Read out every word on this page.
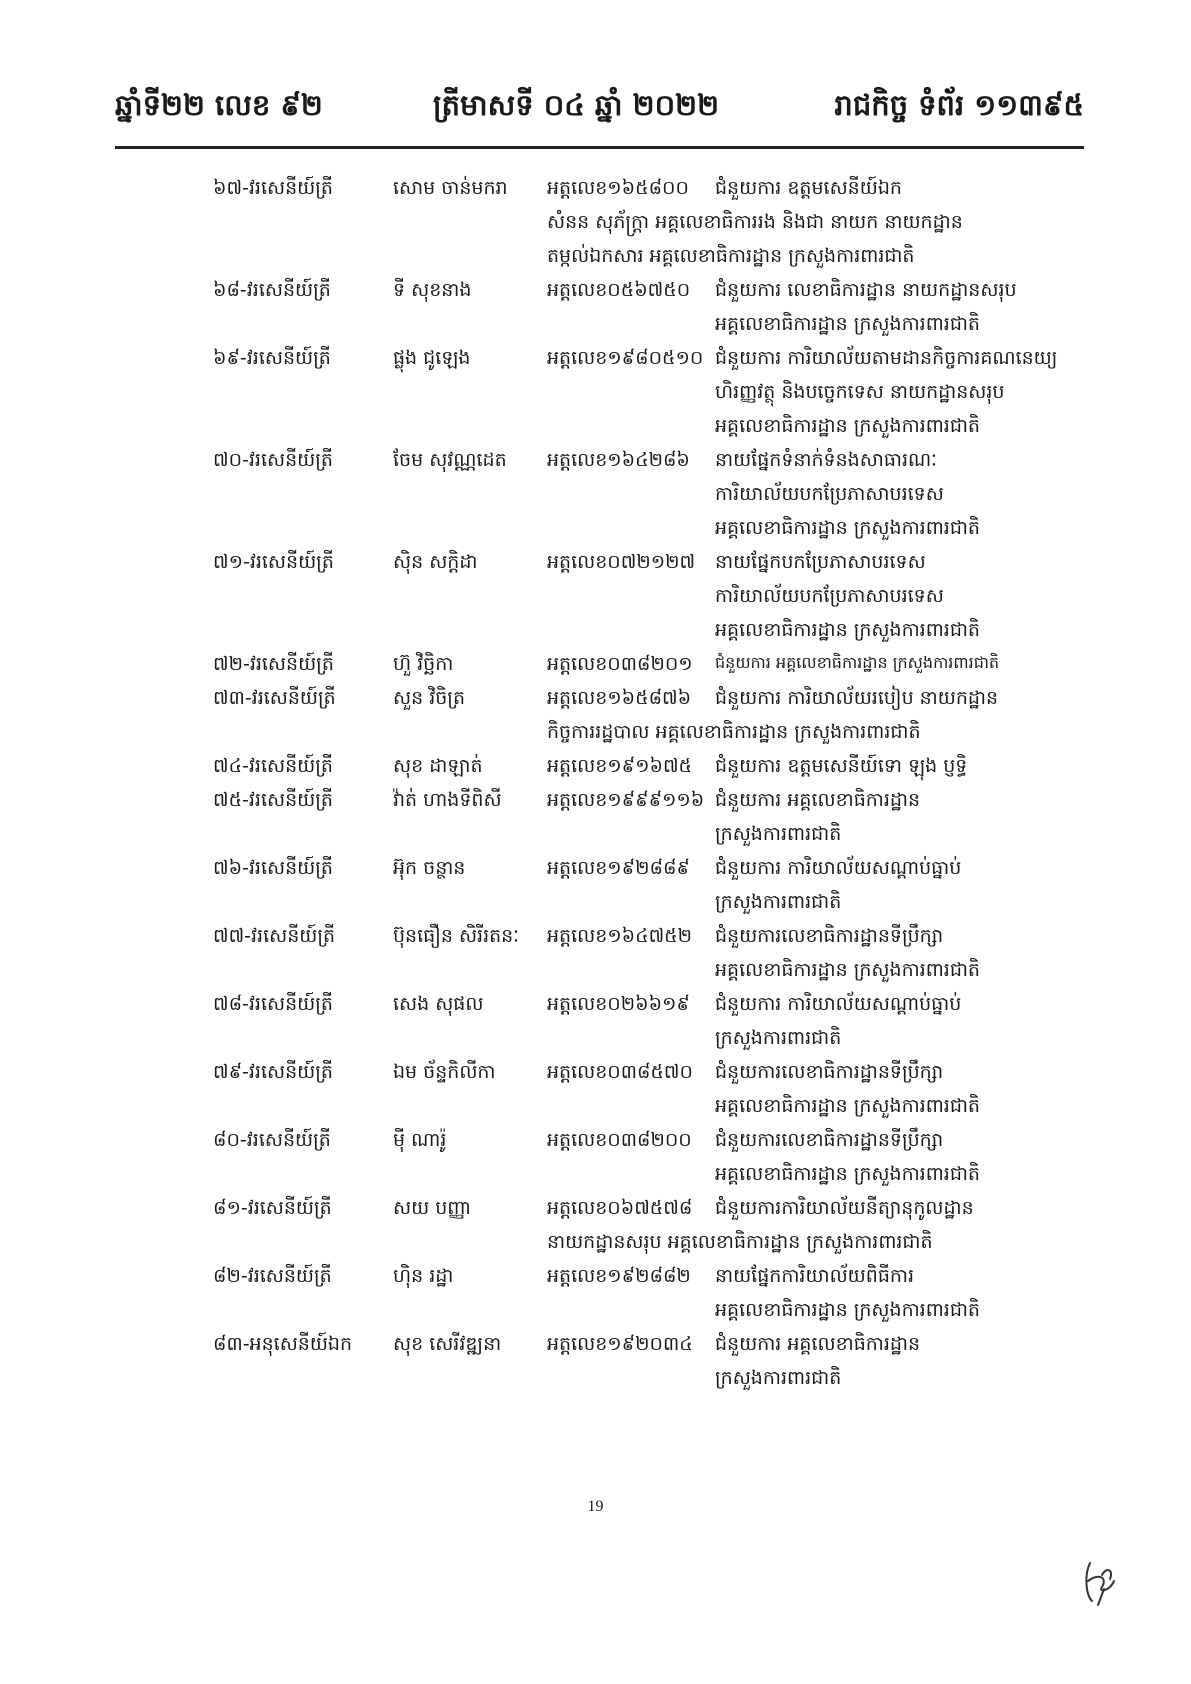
ឆ្នាំទី២២ លេខ ៩២	ត្រីមាសទី ០៤ ឆ្នាំ ២០២២	រាជកិច្ច ទំព័រ ១១៣៩៥
៦៧-វរសេនីយ៍ត្រី	សោម ចាន់មករា អត្តលេខ១៦៥៨០០ ជំនួយការ ឧត្តមសេនីយ៍ឯក
សំនន សុភ័ក្ត្រា អគ្គលេខាធិការរង និងជា នាយក នាយកដ្ឋាន
តម្កល់ឯកសារ អគ្គលេខាធិការដ្ឋាន ក្រសួងការពារជាតិ
៦៨-វរសេនីយ៍ត្រី	ទី សុខនាង	អត្តលេខ០៥៦៧៥០ ជំនួយការ លេខាធិការដ្ឋាន នាយកដ្ឋានសរុប
អគ្គលេខាធិការដ្ឋាន ក្រសួងការពារជាតិ
៦៩-វរសេនីយ៍ត្រី	ផ្លុង ជូឡេង	អត្តលេខ១៩៨០៥១០ ជំនួយការ ការិយាល័យតាមដានកិច្ចការគណនេយ្យ
ហិរញ្ញវត្ថុ និងបច្ចេកទេស នាយកដ្ឋានសរុប
អគ្គលេខាធិការដ្ឋាន ក្រសួងការពារជាតិ
៧០-វរសេនីយ៍ត្រី	ចែម សុវណ្ណដេត អត្តលេខ១៦៤២៨៦ នាយផ្នែកទំនាក់ទំនងសាធារណៈ
ការិយាល័យបកប្រែភាសាបរទេស
អគ្គលេខាធិការដ្ឋាន ក្រសួងការពារជាតិ
៧១-វរសេនីយ៍ត្រី	ស៊ិន សក្ដិដា	អត្តលេខ០៧២១២៧ នាយផ្នែកបកប្រែភាសាបរទេស
ការិយាល័យបកប្រែភាសាបរទេស
អគ្គលេខាធិការដ្ឋាន ក្រសួងការពារជាតិ
៧២-វរសេនីយ៍ត្រី	ហ៊ួ វិច្ឆិកា	អត្តលេខ០៣៨២០១ ជំនួយការ អគ្គលេខាធិការដ្ឋាន ក្រសួងការពារជាតិ
៧៣-វរសេនីយ៍ត្រី	សួន វិចិត្រ	អត្តលេខ១៦៥៨៧៦ ជំនួយការ ការិយាល័យរបៀប នាយកដ្ឋាន
កិច្ចការរដ្ឋបាល អគ្គលេខាធិការដ្ឋាន ក្រសួងការពារជាតិ
៧៤-វរសេនីយ៍ត្រី	សុខ ដាឡាត់	អត្តលេខ១៩១៦៧៥ ជំនួយការ ឧត្តមសេនីយ៍ទោ ឡុង ប្ញទ្ធិ
៧៥-វរសេនីយ៍ត្រី	វ៉ាត់ ហាងទីពិសី អត្តលេខ១៩៩៩១១៦ ជំនួយការ អគ្គលេខាធិការដ្ឋាន
ក្រសួងការពារជាតិ
៧៦-វរសេនីយ៍ត្រី	អ៊ុក ចន្ថាន	អត្តលេខ១៩២៨៨៩ ជំនួយការ ការិយាល័យសណ្ដាប់ធ្នាប់
ក្រសួងការពារជាតិ
៧៧-វរសេនីយ៍ត្រី	ប៊ុនធឿន សិរីរតនៈ អត្តលេខ១៦៤៧៥២ ជំនួយការលេខាធិការដ្ឋានទីប្រឹក្សា
អគ្គលេខាធិការដ្ឋាន ក្រសួងការពារជាតិ
៧៨-វរសេនីយ៍ត្រី	សេង សុផល	អត្តលេខ០២៦៦១៩ ជំនួយការ ការិយាល័យសណ្ដាប់ធ្នាប់
ក្រសួងការពារជាតិ
៧៩-វរសេនីយ៍ត្រី	ឯម ច័ន្ទកិលីកា	អត្តលេខ០៣៨៥៧០ ជំនួយការលេខាធិការដ្ឋានទីប្រឹក្សា
អគ្គលេខាធិការដ្ឋាន ក្រសួងការពារជាតិ
៨០-វរសេនីយ៍ត្រី	ម៉ី ណារ៉ូ	អត្តលេខ០៣៨២០០ ជំនួយការលេខាធិការដ្ឋានទីប្រឹក្សា
អគ្គលេខាធិការដ្ឋាន ក្រសួងការពារជាតិ
៨១-វរសេនីយ៍ត្រី	សយ បញ្ញា	អត្តលេខ០៦៧៥៧៨ ជំនួយការការិយាល័យនីត្យានុកូលដ្ឋាន
នាយកដ្ឋានសរុប អគ្គលេខាធិការដ្ឋាន ក្រសួងការពារជាតិ
៨២-វរសេនីយ៍ត្រី	ហ៊ិន រដ្ឋា	អត្តលេខ១៩២៨៨២ នាយផ្នែកការិយាល័យពិធីការ
អគ្គលេខាធិការដ្ឋាន ក្រសួងការពារជាតិ
៨៣-អនុសេនីយ៍ឯក សុខ សេរីវឌ្ឍនា អត្តលេខ១៩២០៣៤ ជំនួយការ អគ្គលេខាធិការដ្ឋាន
ក្រសួងការពារជាតិ
19
